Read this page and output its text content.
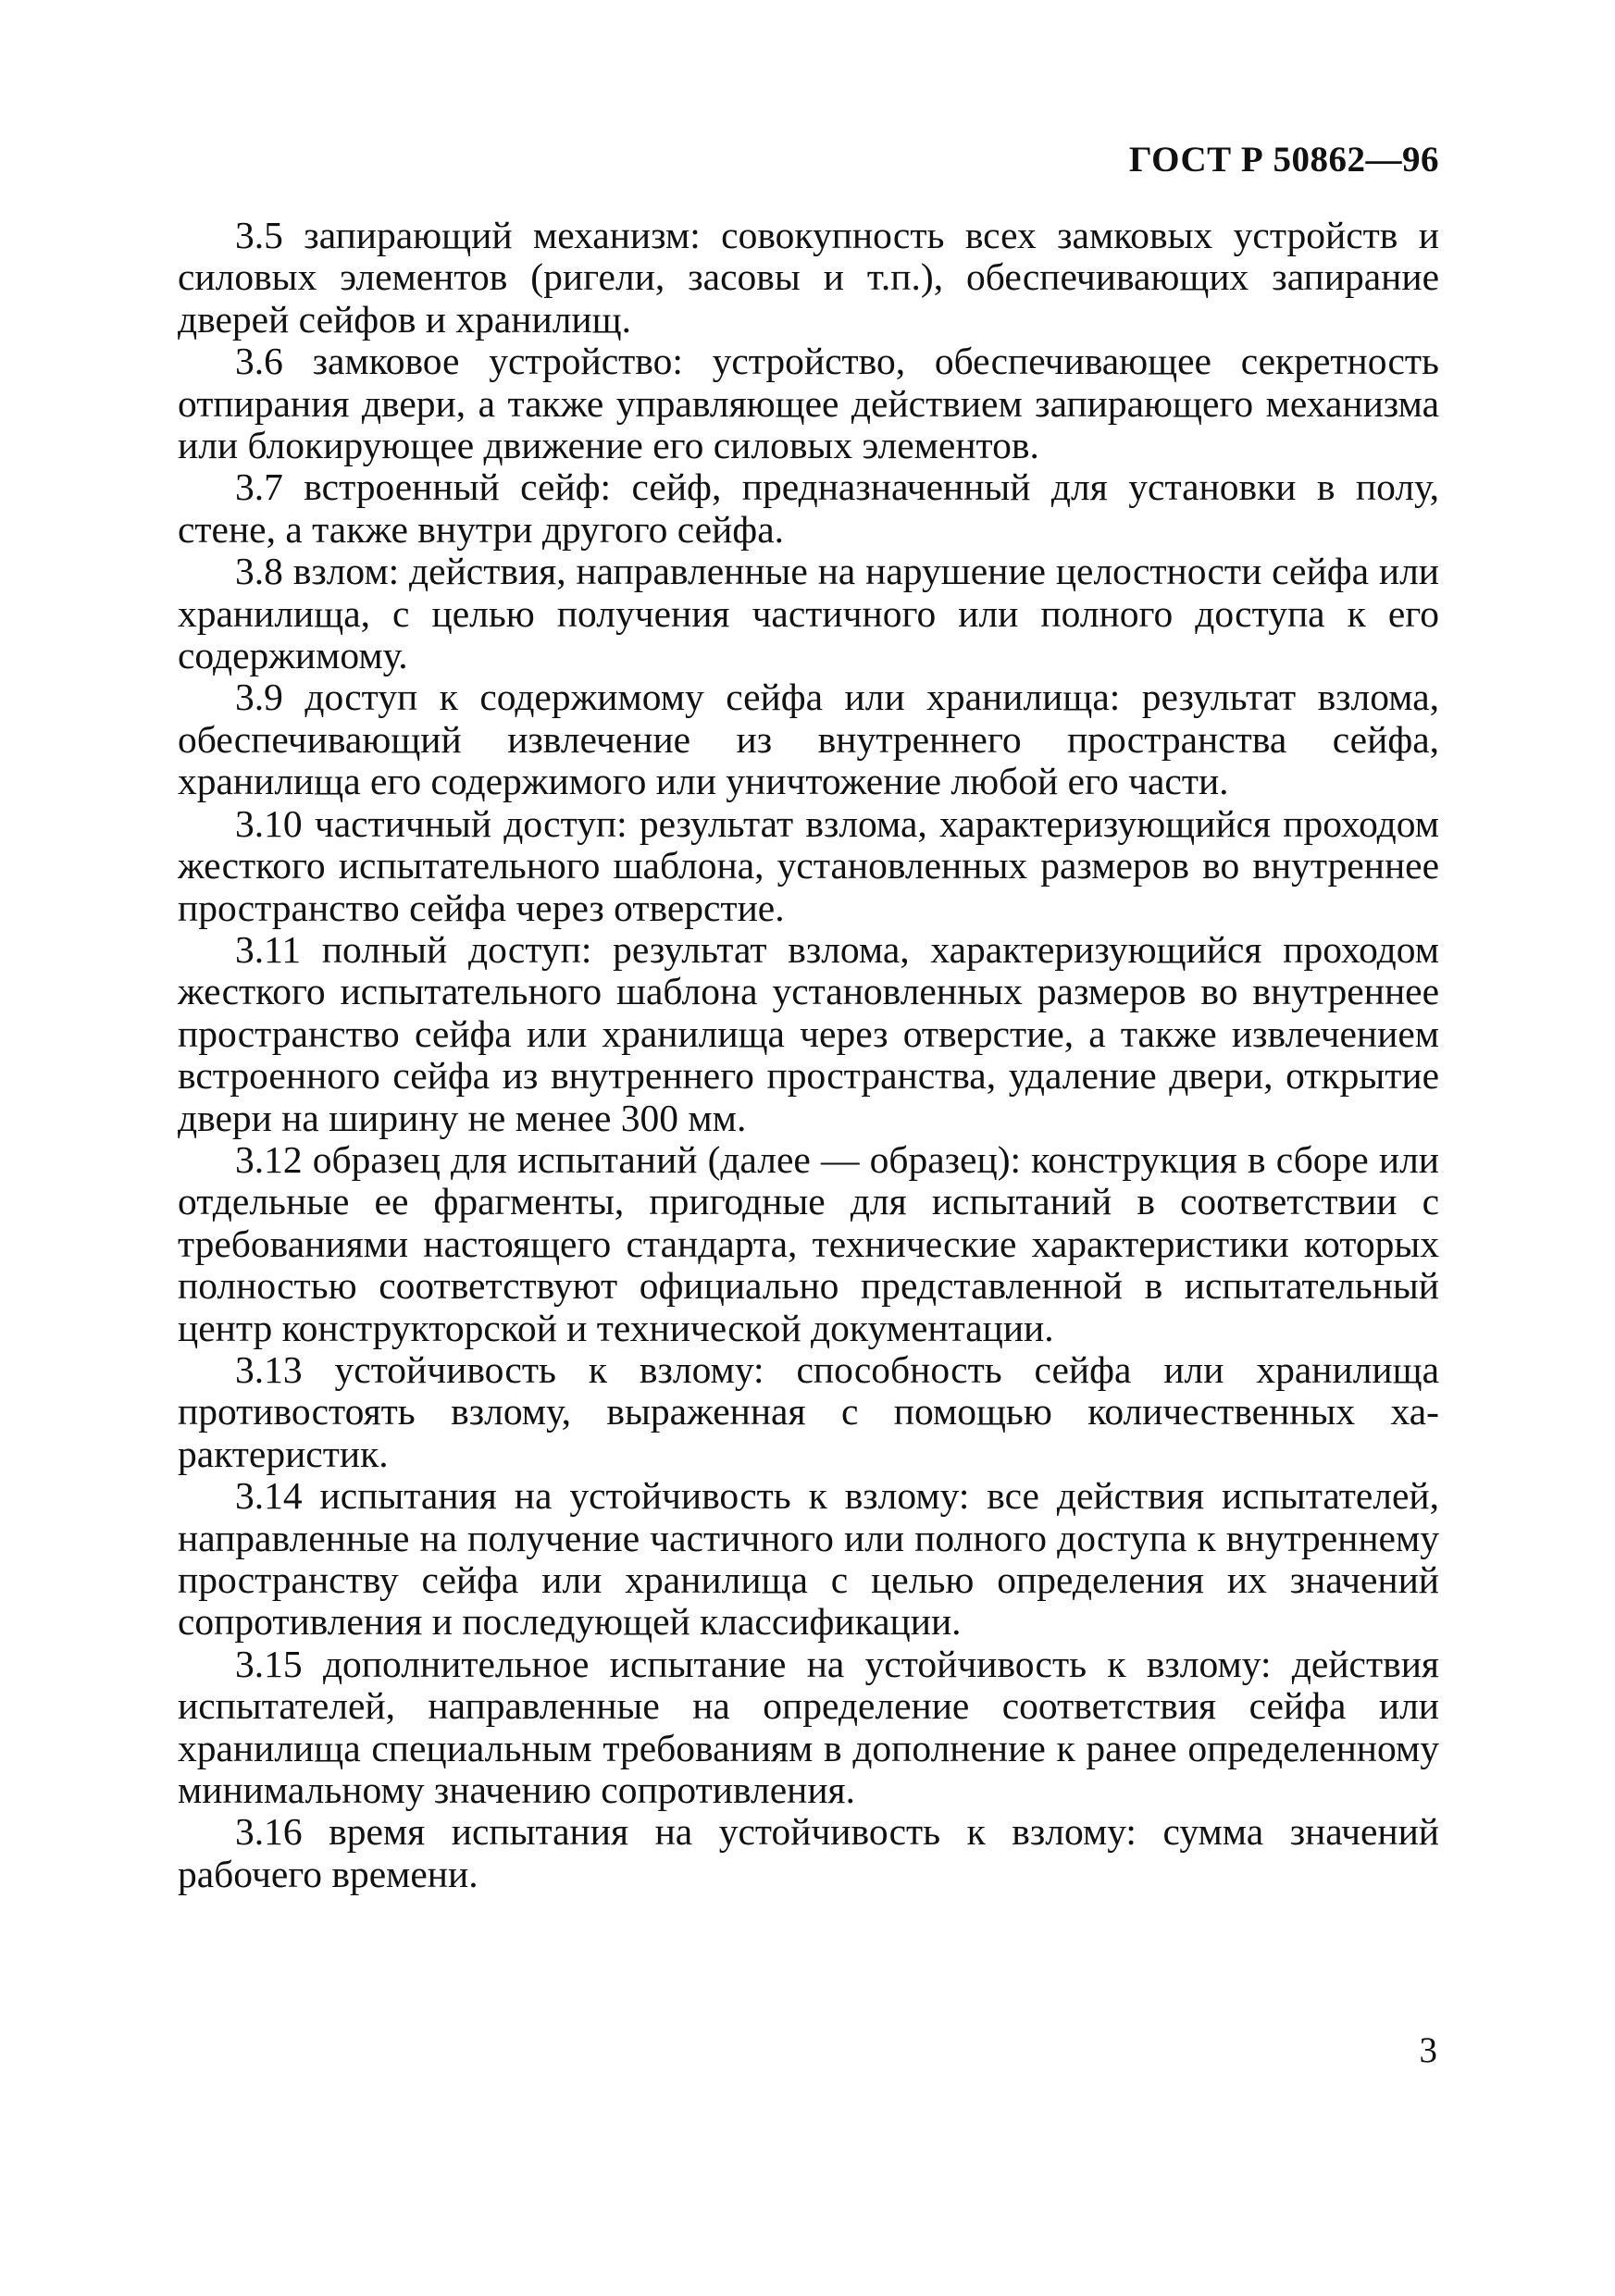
ГОСТ Р 50862—96

3.5 запирающий механизм: совокупность всех замковых устройств и силовых элементов (ригели, засовы и т.п.), обеспечивающих запирание дверей сейфов и хранилищ.

3.6 замковое устройство: устройство, обеспечивающее секретность отпирания двери, а также управляющее действием запирающего механизма или блокирующее движение его силовых элементов.

3.7 встроенный сейф: сейф, предназначенный для установки в полу, стене, а также внутри другого сейфа.

3.8 взлом: действия, направленные на нарушение целостности сейфа или хранилища, с целью получения частичного или полного доступа к его содержимому.

3.9 доступ к содержимому сейфа или хранилища: результат взлома, обеспечивающий извлечение из внутреннего пространства сейфа, хранилища его содержимого или уничтожение любой его части.

3.10 частичный доступ: результат взлома, характеризующийся проходом жесткого испытательного шаблона, установленных размеров во внутреннее пространство сейфа через отверстие.

3.11 полный доступ: результат взлома, характеризующийся проходом жесткого испытательного шаблона установленных размеров во внутреннее пространство сейфа или хранилища через отверстие, а также извлечением встроенного сейфа из внутреннего пространства, удаление двери, открытие двери на ширину не менее 300 мм.

3.12 образец для испытаний (далее — образец): конструкция в сборе или отдельные ее фрагменты, пригодные для испытаний в соответствии с требованиями настоящего стандарта, технические характеристики которых полностью соответствуют официально представленной в испытательный центр конструкторской и технической документации.

3.13 устойчивость к взлому: способность сейфа или хранилища противостоять взлому, выраженная с помощью количественных характеристик.

3.14 испытания на устойчивость к взлому: все действия испытателей, направленные на получение частичного или полного доступа к внутреннему пространству сейфа или хранилища с целью определения их значений сопротивления и последующей классификации.

3.15 дополнительное испытание на устойчивость к взлому: действия испытателей, направленные на определение соответствия сейфа или хранилища специальным требованиям в дополнение к ранее определенному минимальному значению сопротивления.

3.16 время испытания на устойчивость к взлому: сумма значений рабочего времени.

3
